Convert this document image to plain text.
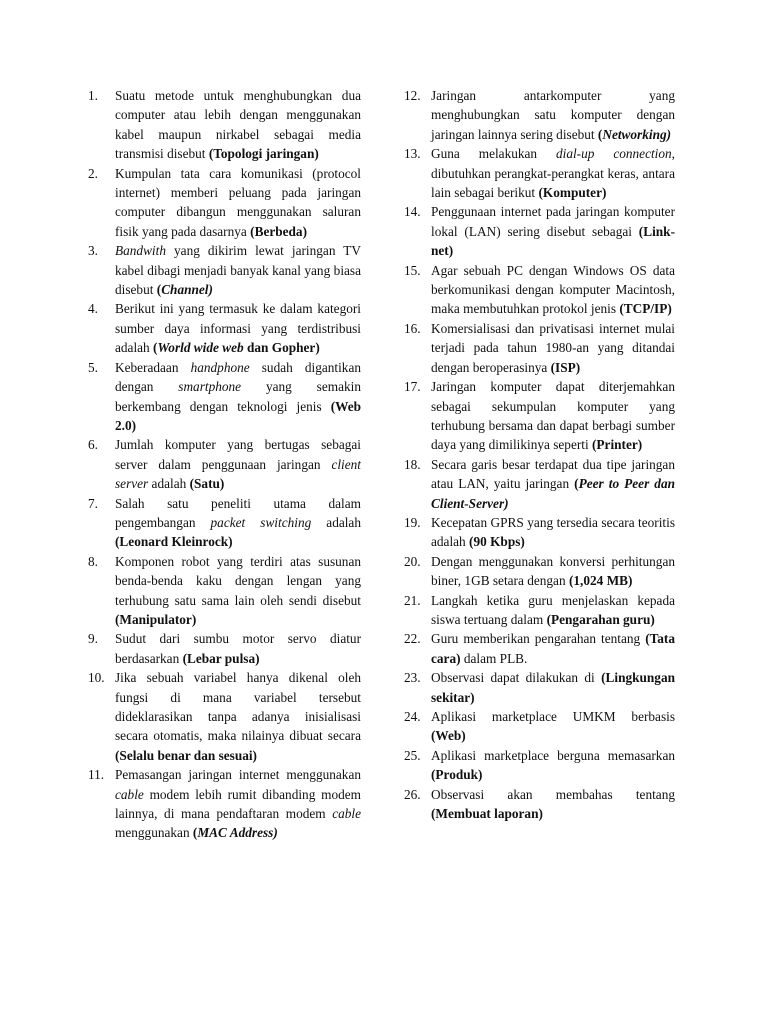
1.	Suatu metode untuk menghubungkan dua computer atau lebih dengan menggunakan kabel maupun nirkabel sebagai media transmisi disebut (Topologi jaringan)
2.	Kumpulan tata cara komunikasi (protocol internet) memberi peluang pada jaringan computer dibangun menggunakan saluran fisik yang pada dasarnya (Berbeda)
3.	Bandwith yang dikirim lewat jaringan TV kabel dibagi menjadi banyak kanal yang biasa disebut (Channel)
4.	Berikut ini yang termasuk ke dalam kategori sumber daya informasi yang terdistribusi adalah (World wide web dan Gopher)
5.	Keberadaan handphone sudah digantikan dengan smartphone yang semakin berkembang dengan teknologi jenis (Web 2.0)
6.	Jumlah komputer yang bertugas sebagai server dalam penggunaan jaringan client server adalah (Satu)
7.	Salah satu peneliti utama dalam pengembangan packet switching adalah (Leonard Kleinrock)
8.	Komponen robot yang terdiri atas susunan benda-benda kaku dengan lengan yang terhubung satu sama lain oleh sendi disebut (Manipulator)
9.	Sudut dari sumbu motor servo diatur berdasarkan (Lebar pulsa)
10. Jika sebuah variabel hanya dikenal oleh fungsi di mana variabel tersebut dideklarasikan tanpa adanya inisialisasi secara otomatis, maka nilainya dibuat secara (Selalu benar dan sesuai)
11. Pemasangan jaringan internet menggunakan cable modem lebih rumit dibanding modem lainnya, di mana pendaftaran modem cable menggunakan (MAC Address)
12. Jaringan antarkomputer yang menghubungkan satu komputer dengan jaringan lainnya sering disebut (Networking)
13. Guna melakukan dial-up connection, dibutuhkan perangkat-perangkat keras, antara lain sebagai berikut (Komputer)
14. Penggunaan internet pada jaringan komputer lokal (LAN) sering disebut sebagai (Link-net)
15. Agar sebuah PC dengan Windows OS data berkomunikasi dengan komputer Macintosh, maka membutuhkan protokol jenis (TCP/IP)
16. Komersialisasi dan privatisasi internet mulai terjadi pada tahun 1980-an yang ditandai dengan beroperasinya (ISP)
17. Jaringan komputer dapat diterjemahkan sebagai sekumpulan komputer yang terhubung bersama dan dapat berbagi sumber daya yang dimilikinya seperti (Printer)
18. Secara garis besar terdapat dua tipe jaringan atau LAN, yaitu jaringan (Peer to Peer dan Client-Server)
19. Kecepatan GPRS yang tersedia secara teoritis adalah (90 Kbps)
20. Dengan menggunakan konversi perhitungan biner, 1GB setara dengan (1,024 MB)
21. Langkah ketika guru menjelaskan kepada siswa tertuang dalam (Pengarahan guru)
22. Guru memberikan pengarahan tentang (Tata cara) dalam PLB.
23. Observasi dapat dilakukan di (Lingkungan sekitar)
24. Aplikasi marketplace UMKM berbasis (Web)
25. Aplikasi marketplace berguna memasarkan (Produk)
26. Observasi akan membahas tentang (Membuat laporan)
